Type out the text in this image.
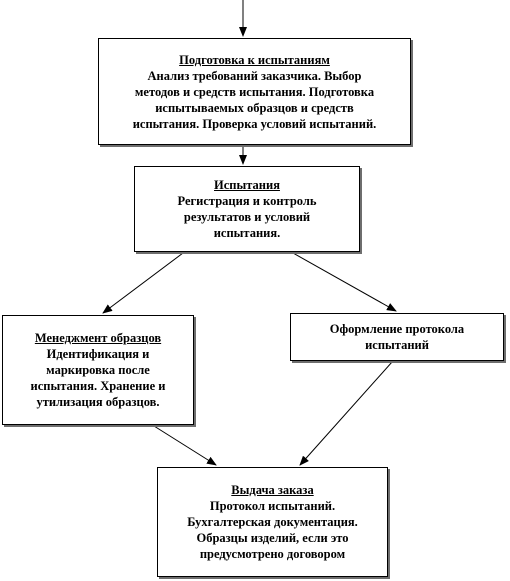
Подготовка к испытаниям
Анализ требований заказчика. Выбор
методов и средств испытания. Подготовка
испытываемых образцов и средств
испытания. Проверка условий испытаний.
Испытания
Регистрация и контроль
результатов и условий
испытания.
Менеджмент образцов
Идентификация и
маркировка после
испытания. Хранение и
утилизация образцов.
Оформление протокола
испытаний
Выдача заказа
Протокол испытаний.
Бухгалтерская документация.
Образцы изделий, если это
предусмотрено договором
